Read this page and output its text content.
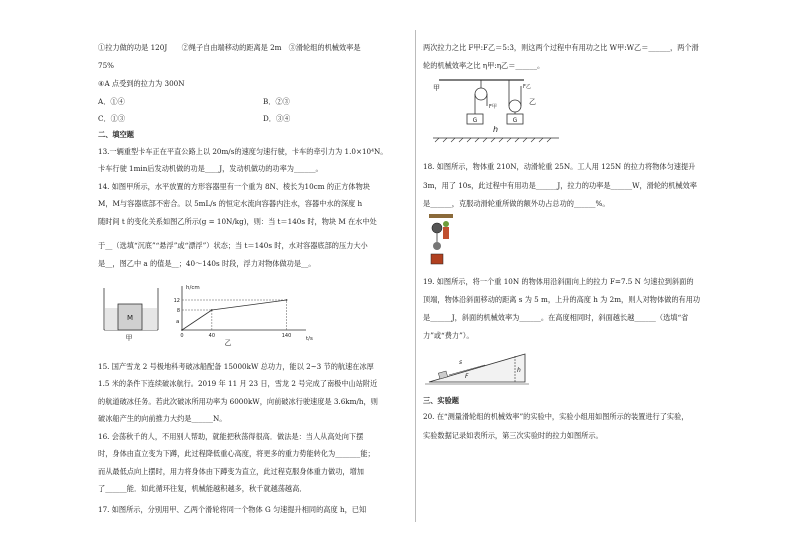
①拉力做的功是 120J　　②绳子自由端移动的距离是 2m　③滑轮组的机械效率是
75%
④A 点受到的拉力为 300N
A．①④	B．②③
C．①③	D．③④
二、填空题
13.一辆重型卡车正在平直公路上以 20m/s的速度匀速行驶，卡车的牵引力为 1.0×10⁴N。
卡车行驶 1min后发动机做的功是____J，发动机做功的功率为______。
14. 如图甲所示，水平放置的方形容器里有一个重为 8N、棱长为10cm 的正方体物块
M，M与容器底部不密合。以 5mL/s 的恒定水流向容器内注水，容器中水的深度 h
随时间 t 的变化关系如图乙所示(g = 10N/kg)，则：当 t＝140s 时，物块 M 在水中处
于__（选填“沉底”“悬浮”或“漂浮”）状态；当 t＝140s 时，水对容器底部的压力大小
是__，图乙中 a 的值是__；40～140s 时段，浮力对物体做功是__。
M
甲
h/cm
t/s
a
8
12
0	40	140
乙
15. 国产雪龙 2 号极地科考破冰船配备 15000kW 总功力，能以 2~3 节的航速在冰厚
1.5 米的条件下连续破冰航行。2019 年 11 月 23 日，雪龙 2 号完成了南极中山站附近
的航道破冰任务。若此次破冰所用功率为 6000kW，向前破冰行驶速度是 3.6km/h，则
破冰船产生的向前推力大约是______N。
16. 会荡秋千的人，不用别人帮助，就能把秋荡得很高．做法是：当人从高处向下摆
时，身体由直立变为下蹲，此过程降低重心高度，将更多的重力势能转化为_______能；
而从最低点向上摆时，用力将身体由下蹲变为直立，此过程克服身体重力做功，增加
了______能．如此循环往复，机械能越积越多，秋千就越荡越高．
17. 如图所示，分别用甲、乙两个滑轮将同一个物体 G 匀速提升相同的高度 h，已知
两次拉力之比 F甲:F乙＝5:3，则这两个过程中有用功之比 W甲:W乙＝______，两个滑
轮的机械效率之比 η甲:η乙＝______。
F甲
G
甲	F乙
G
乙
h
18. 如图所示，物体重 210N，动滑轮重 25N。工人用 125N 的拉力将物体匀速提升
3m，用了 10s，此过程中有用功是______J，拉力的功率是______W，滑轮的机械效率
是______，克服动滑轮重所做的额外功占总功的______%。
19. 如图所示，将一个重 10N 的物体用沿斜面向上的拉力 F=7.5 N 匀速拉到斜面的
顶端，物体沿斜面移动的距离 s 为 5 m，上升的高度 h 为 2m，则人对物体做的有用功
是______J，斜面的机械效率为______。在高度相同时，斜面越长越______（选填“省
力”或“费力”）。
h
s
F
三、实验题
20. 在“测量滑轮组的机械效率”的实验中，实验小组用如图所示的装置进行了实验，
实验数据记录如表所示，第三次实验时的拉力如图所示。
